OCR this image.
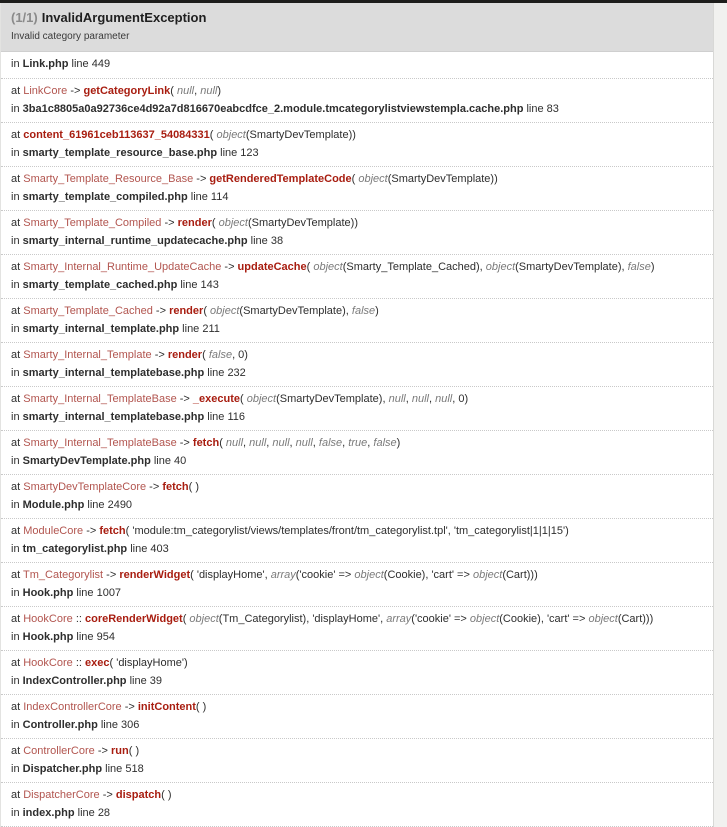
(1/1) InvalidArgumentException
Invalid category parameter
in Link.php line 449
at LinkCore -> getCategoryLink( null, null)
in 3ba1c8805a0a92736ce4d92a7d816670eabcdfce_2.module.tmcategorylistviewstempla.cache.php line 83
at content_61961ceb113637_54084331( object(SmartyDevTemplate))
in smarty_template_resource_base.php line 123
at Smarty_Template_Resource_Base -> getRenderedTemplateCode( object(SmartyDevTemplate))
in smarty_template_compiled.php line 114
at Smarty_Template_Compiled -> render( object(SmartyDevTemplate))
in smarty_internal_runtime_updatecache.php line 38
at Smarty_Internal_Runtime_UpdateCache -> updateCache( object(Smarty_Template_Cached), object(SmartyDevTemplate), false)
in smarty_template_cached.php line 143
at Smarty_Template_Cached -> render( object(SmartyDevTemplate), false)
in smarty_internal_template.php line 211
at Smarty_Internal_Template -> render( false, 0)
in smarty_internal_templatebase.php line 232
at Smarty_Internal_TemplateBase -> _execute( object(SmartyDevTemplate), null, null, null, 0)
in smarty_internal_templatebase.php line 116
at Smarty_Internal_TemplateBase -> fetch( null, null, null, null, false, true, false)
in SmartyDevTemplate.php line 40
at SmartyDevTemplateCore -> fetch( )
in Module.php line 2490
at ModuleCore -> fetch( 'module:tm_categorylist/views/templates/front/tm_categorylist.tpl', 'tm_categorylist|1|1|15')
in tm_categorylist.php line 403
at Tm_Categorylist -> renderWidget( 'displayHome', array('cookie' => object(Cookie), 'cart' => object(Cart)))
in Hook.php line 1007
at HookCore :: coreRenderWidget( object(Tm_Categorylist), 'displayHome', array('cookie' => object(Cookie), 'cart' => object(Cart)))
in Hook.php line 954
at HookCore :: exec( 'displayHome')
in IndexController.php line 39
at IndexControllerCore -> initContent( )
in Controller.php line 306
at ControllerCore -> run( )
in Dispatcher.php line 518
at DispatcherCore -> dispatch( )
in index.php line 28
